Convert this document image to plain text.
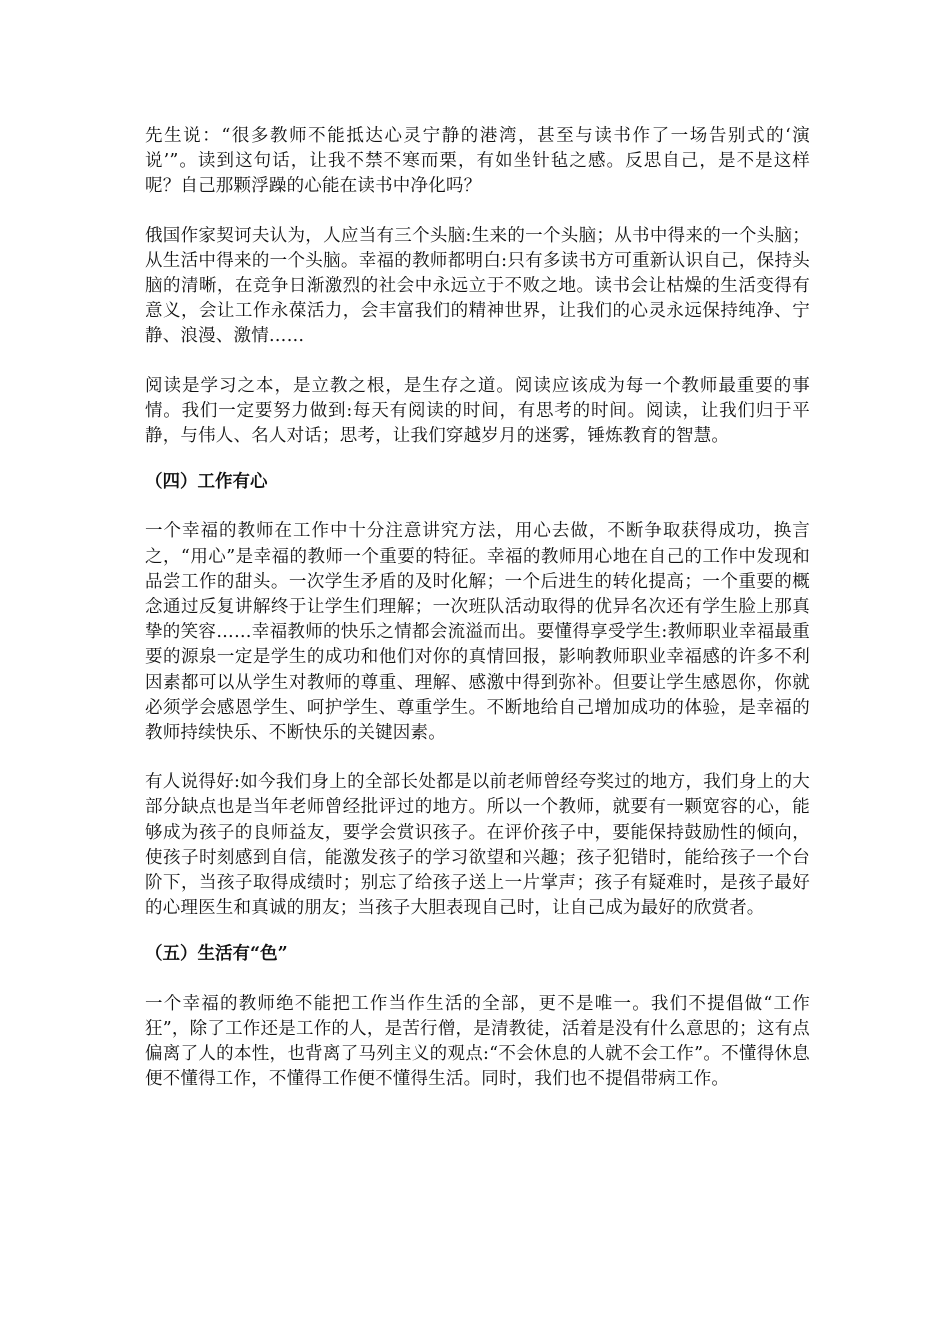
先生说：“很多教师不能抵达心灵宁静的港湾，甚至与读书作了一场告别式的‘演说’”。读到这句话，让我不禁不寒而栗，有如坐针毡之感。反思自己，是不是这样呢？自己那颗浮躁的心能在读书中净化吗？

俄国作家契诃夫认为，人应当有三个头脑:生来的一个头脑；从书中得来的一个头脑；从生活中得来的一个头脑。幸福的教师都明白:只有多读书方可重新认识自己，保持头脑的清晰，在竞争日渐激烈的社会中永远立于不败之地。读书会让枯燥的生活变得有意义，会让工作永葆活力，会丰富我们的精神世界，让我们的心灵永远保持纯净、宁静、浪漫、激情……

阅读是学习之本，是立教之根，是生存之道。阅读应该成为每一个教师最重要的事情。我们一定要努力做到:每天有阅读的时间，有思考的时间。阅读，让我们归于平静，与伟人、名人对话；思考，让我们穿越岁月的迷雾，锤炼教育的智慧。

（四）工作有心

一个幸福的教师在工作中十分注意讲究方法，用心去做，不断争取获得成功，换言之，“用心”是幸福的教师一个重要的特征。幸福的教师用心地在自己的工作中发现和品尝工作的甜头。一次学生矛盾的及时化解；一个后进生的转化提高；一个重要的概念通过反复讲解终于让学生们理解；一次班队活动取得的优异名次还有学生脸上那真挚的笑容……幸福教师的快乐之情都会流溢而出。要懂得享受学生:教师职业幸福最重要的源泉一定是学生的成功和他们对你的真情回报，影响教师职业幸福感的许多不利因素都可以从学生对教师的尊重、理解、感激中得到弥补。但要让学生感恩你，你就必须学会感恩学生、呵护学生、尊重学生。不断地给自己增加成功的体验，是幸福的教师持续快乐、不断快乐的关键因素。

有人说得好:如今我们身上的全部长处都是以前老师曾经夸奖过的地方，我们身上的大部分缺点也是当年老师曾经批评过的地方。所以一个教师，就要有一颗宽容的心，能够成为孩子的良师益友，要学会赏识孩子。在评价孩子中，要能保持鼓励性的倾向，使孩子时刻感到自信，能激发孩子的学习欲望和兴趣；孩子犯错时，能给孩子一个台阶下，当孩子取得成绩时；别忘了给孩子送上一片掌声；孩子有疑难时，是孩子最好的心理医生和真诚的朋友；当孩子大胆表现自己时，让自己成为最好的欣赏者。

（五）生活有“色”

一个幸福的教师绝不能把工作当作生活的全部，更不是唯一。我们不提倡做“工作狂”，除了工作还是工作的人，是苦行僧，是清教徒，活着是没有什么意思的；这有点偏离了人的本性，也背离了马列主义的观点:“不会休息的人就不会工作”。不懂得休息便不懂得工作，不懂得工作便不懂得生活。同时，我们也不提倡带病工作。
